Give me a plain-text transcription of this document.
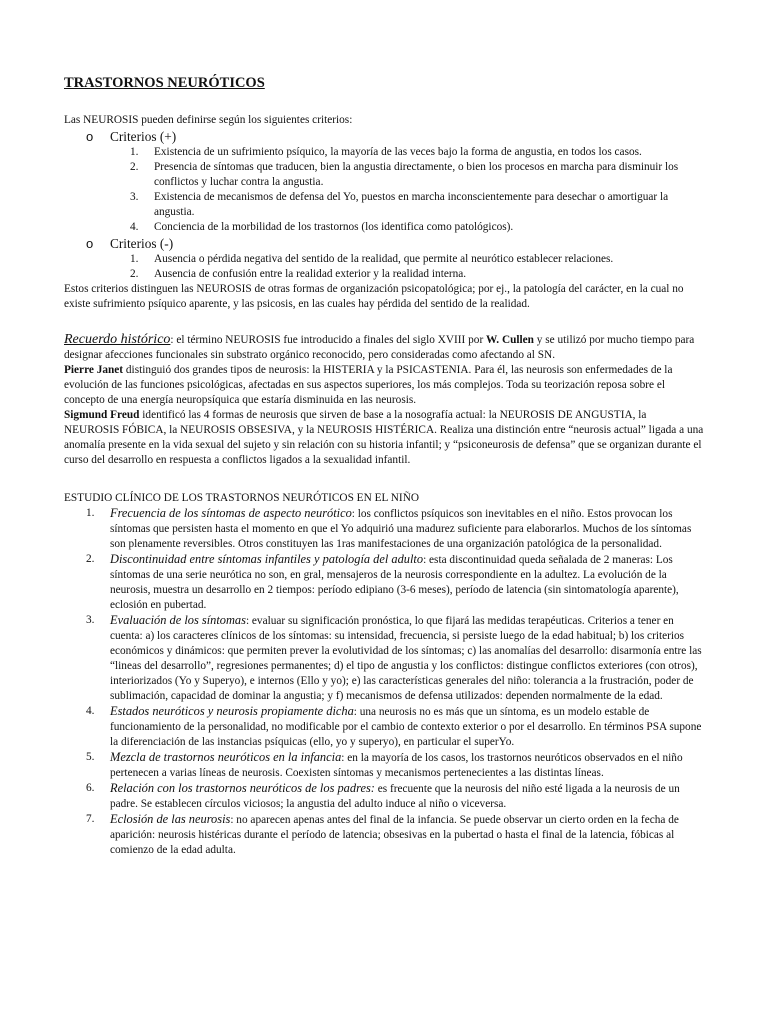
TRASTORNOS NEURÓTICOS

Las NEUROSIS pueden definirse según los siguientes criterios:

o	Criterios (+)
1.	Existencia de un sufrimiento psíquico, la mayoría de las veces bajo la forma de angustia, en todos los casos.
2.	Presencia de síntomas que traducen, bien la angustia directamente, o bien los procesos en marcha para disminuir los conflictos y luchar contra la angustia.
3.	Existencia de mecanismos de defensa del Yo, puestos en marcha inconscientemente para desechar o amortiguar la angustia.
4.	Conciencia de la morbilidad de los trastornos (los identifica como patológicos).
o	Criterios (-)
1.	Ausencia o pérdida negativa del sentido de la realidad, que permite al neurótico establecer relaciones.
2.	Ausencia de confusión entre la realidad exterior y la realidad interna.

Estos criterios distinguen las NEUROSIS de otras formas de organización psicopatológica; por ej., la patología del carácter, en la cual no existe sufrimiento psíquico aparente, y las psicosis, en las cuales hay pérdida del sentido de la realidad.

Recuerdo histórico: el término NEUROSIS fue introducido a finales del siglo XVIII por W. Cullen y se utilizó por mucho tiempo para designar afecciones funcionales sin substrato orgánico reconocido, pero consideradas como afectando al SN.

Pierre Janet distinguió dos grandes tipos de neurosis: la HISTERIA y la PSICASTENIA. Para él, las neurosis son enfermedades de la evolución de las funciones psicológicas, afectadas en sus aspectos superiores, los más complejos. Toda su teorización reposa sobre el concepto de una energía neuropsíquica que estaría disminuida en las neurosis.

Sigmund Freud identificó las 4 formas de neurosis que sirven de base a la nosografía actual: la NEUROSIS DE ANGUSTIA, la NEUROSIS FÓBICA, la NEUROSIS OBSESIVA, y la NEUROSIS HISTÉRICA. Realiza una distinción entre “neurosis actual” ligada a una anomalía presente en la vida sexual del sujeto y sin relación con su historia infantil; y “psiconeurosis de defensa” que se organizan durante el curso del desarrollo en respuesta a conflictos ligados a la sexualidad infantil.

ESTUDIO CLÍNICO DE LOS TRASTORNOS NEURÓTICOS EN EL NIÑO

1.	Frecuencia de los síntomas de aspecto neurótico: los conflictos psíquicos son inevitables en el niño. Estos provocan los síntomas que persisten hasta el momento en que el Yo adquirió una madurez suficiente para elaborarlos. Muchos de los síntomas son plenamente reversibles. Otros constituyen las 1ras manifestaciones de una organización patológica de la personalidad.
2.	Discontinuidad entre síntomas infantiles y patología del adulto: esta discontinuidad queda señalada de 2 maneras: Los síntomas de una serie neurótica no son, en gral, mensajeros de la neurosis correspondiente en la adultez. La evolución de la neurosis, muestra un desarrollo en 2 tiempos: período edipiano (3-6 meses), período de latencia (sin sintomatología aparente), eclosión en pubertad.
3.	Evaluación de los síntomas: evaluar su significación pronóstica, lo que fijará las medidas terapéuticas. Criterios a tener en cuenta: a) los caracteres clínicos de los síntomas: su intensidad, frecuencia, si persiste luego de la edad habitual; b) los criterios económicos y dinámicos: que permiten prever la evolutividad de los síntomas; c) las anomalías del desarrollo: disarmonía entre las “lineas del desarrollo”, regresiones permanentes; d) el tipo de angustia y los conflictos: distingue conflictos exteriores (con otros), interiorizados (Yo y Superyo), e internos (Ello y yo); e) las características generales del niño: tolerancia a la frustración, poder de sublimación, capacidad de dominar la angustia; y f) mecanismos de defensa utilizados: dependen normalmente de la edad.
4.	Estados neuróticos y neurosis propiamente dicha: una neurosis no es más que un síntoma, es un modelo estable de funcionamiento de la personalidad, no modificable por el cambio de contexto exterior o por el desarrollo. En términos PSA supone la diferenciación de las instancias psíquicas (ello, yo y superyo), en particular el superYo.
5.	Mezcla de trastornos neuróticos en la infancia: en la mayoría de los casos, los trastornos neuróticos observados en el niño pertenecen a varias líneas de neurosis. Coexisten síntomas y mecanismos pertenecientes a las distintas líneas.
6.	Relación con los trastornos neuróticos de los padres: es frecuente que la neurosis del niño esté ligada a la neurosis de un padre. Se establecen círculos viciosos; la angustia del adulto induce al niño o viceversa.
7.	Eclosión de las neurosis: no aparecen apenas antes del final de la infancia. Se puede observar un cierto orden en la fecha de aparición: neurosis histéricas durante el período de latencia; obsesivas en la pubertad o hasta el final de la latencia, fóbicas al comienzo de la edad adulta.
